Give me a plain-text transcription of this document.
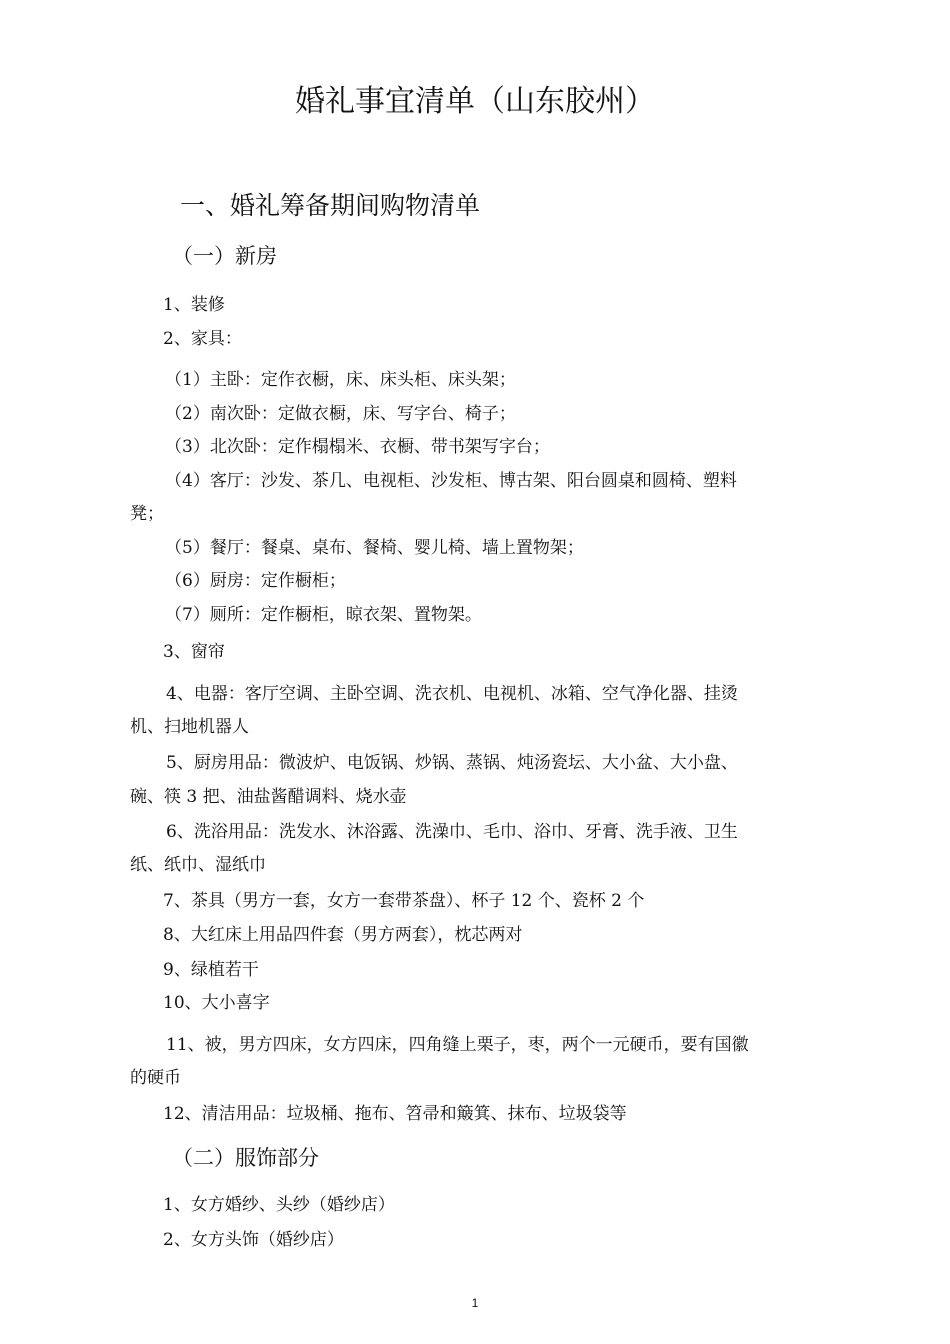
婚礼事宜清单（山东胶州）
一、婚礼筹备期间购物清单
（一）新房
1、装修
2、家具：
（1）主卧：定作衣橱，床、床头柜、床头架；
（2）南次卧：定做衣橱，床、写字台、椅子；
（3）北次卧：定作榻榻米、衣橱、带书架写字台；
（4）客厅：沙发、茶几、电视柜、沙发柜、博古架、阳台圆桌和圆椅、塑料
凳；
（5）餐厅：餐桌、桌布、餐椅、婴儿椅、墙上置物架；
（6）厨房：定作橱柜；
（7）厕所：定作橱柜，晾衣架、置物架。
3、窗帘
4、电器：客厅空调、主卧空调、洗衣机、电视机、冰箱、空气净化器、挂烫
机、扫地机器人
5、厨房用品：微波炉、电饭锅、炒锅、蒸锅、炖汤瓷坛、大小盆、大小盘、
碗、筷 3 把、油盐酱醋调料、烧水壶
6、洗浴用品：洗发水、沐浴露、洗澡巾、毛巾、浴巾、牙膏、洗手液、卫生
纸、纸巾、湿纸巾
7、茶具（男方一套，女方一套带茶盘）、杯子 12 个、瓷杯 2 个
8、大红床上用品四件套（男方两套），枕芯两对
9、绿植若干
10、大小喜字
11、被，男方四床，女方四床，四角缝上栗子，枣，两个一元硬币，要有国徽
的硬币
12、清洁用品：垃圾桶、拖布、笤帚和簸箕、抹布、垃圾袋等
（二）服饰部分
1、女方婚纱、头纱（婚纱店）
2、女方头饰（婚纱店）
1
